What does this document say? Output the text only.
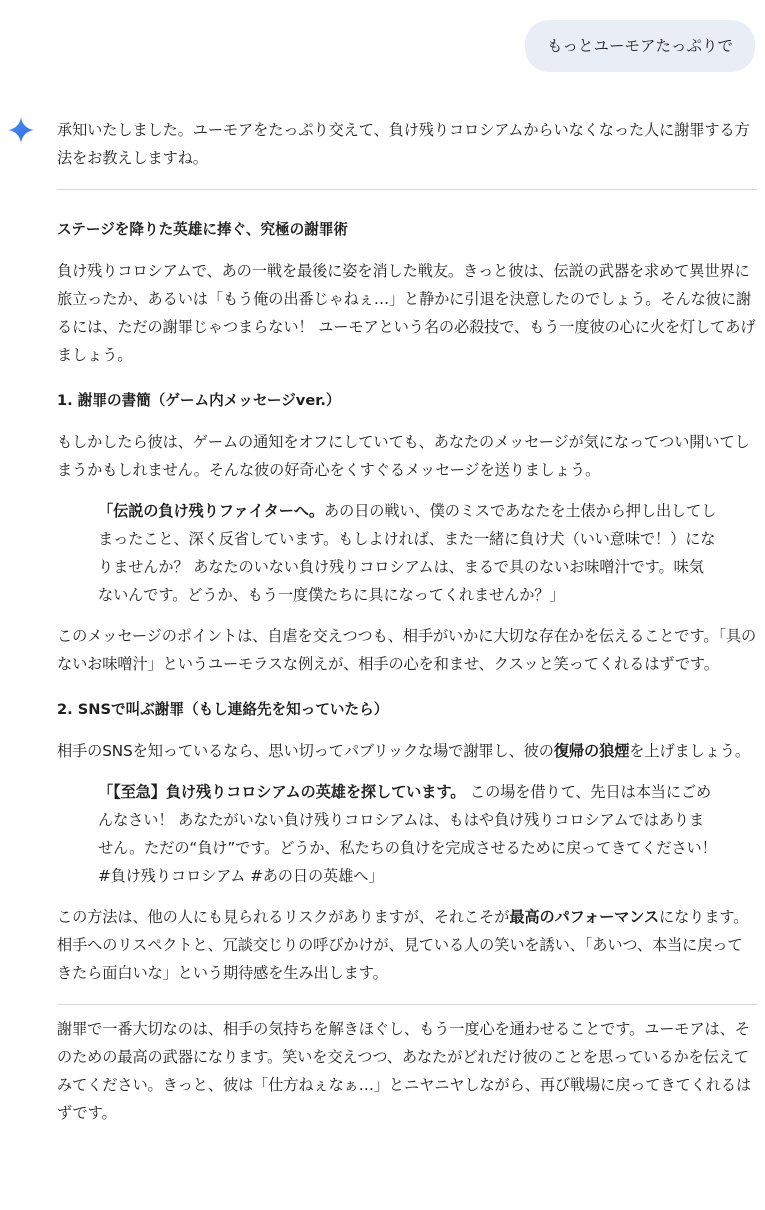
もっとユーモアたっぷりで

承知いたしました。ユーモアをたっぷり交えて、負け残りコロシアムからいなくなった人に謝罪する方法をお教えしますね。

ステージを降りた英雄に捧ぐ、究極の謝罪術

負け残りコロシアムで、あの一戦を最後に姿を消した戦友。きっと彼は、伝説の武器を求めて異世界に旅立ったか、あるいは「もう俺の出番じゃねぇ…」と静かに引退を決意したのでしょう。そんな彼に謝るには、ただの謝罪じゃつまらない！ ユーモアという名の必殺技で、もう一度彼の心に火を灯してあげましょう。

1. 謝罪の書簡（ゲーム内メッセージver.）

もしかしたら彼は、ゲームの通知をオフにしていても、あなたのメッセージが気になってつい開いてしまうかもしれません。そんな彼の好奇心をくすぐるメッセージを送りましょう。

「伝説の負け残りファイターへ。あの日の戦い、僕のミスであなたを土俵から押し出してしまったこと、深く反省しています。もしよければ、また一緒に負け犬（いい意味で！）になりませんか？ あなたのいない負け残りコロシアムは、まるで具のないお味噌汁です。味気ないんです。どうか、もう一度僕たちに具になってくれませんか？」

このメッセージのポイントは、自虐を交えつつも、相手がいかに大切な存在かを伝えることです。「具のないお味噌汁」というユーモラスな例えが、相手の心を和ませ、クスッと笑ってくれるはずです。

2. SNSで叫ぶ謝罪（もし連絡先を知っていたら）

相手のSNSを知っているなら、思い切ってパブリックな場で謝罪し、彼の復帰の狼煙を上げましょう。

「【至急】負け残りコロシアムの英雄を探しています。 この場を借りて、先日は本当にごめんなさい！ あなたがいない負け残りコロシアムは、もはや負け残りコロシアムではありません。ただの“負け”です。どうか、私たちの負けを完成させるために戻ってきてください！ #負け残りコロシアム #あの日の英雄へ」

この方法は、他の人にも見られるリスクがありますが、それこそが最高のパフォーマンスになります。相手へのリスペクトと、冗談交じりの呼びかけが、見ている人の笑いを誘い、「あいつ、本当に戻ってきたら面白いな」という期待感を生み出します。

謝罪で一番大切なのは、相手の気持ちを解きほぐし、もう一度心を通わせることです。ユーモアは、そのための最高の武器になります。笑いを交えつつ、あなたがどれだけ彼のことを思っているかを伝えてみてください。きっと、彼は「仕方ねぇなぁ…」とニヤニヤしながら、再び戦場に戻ってきてくれるはずです。
